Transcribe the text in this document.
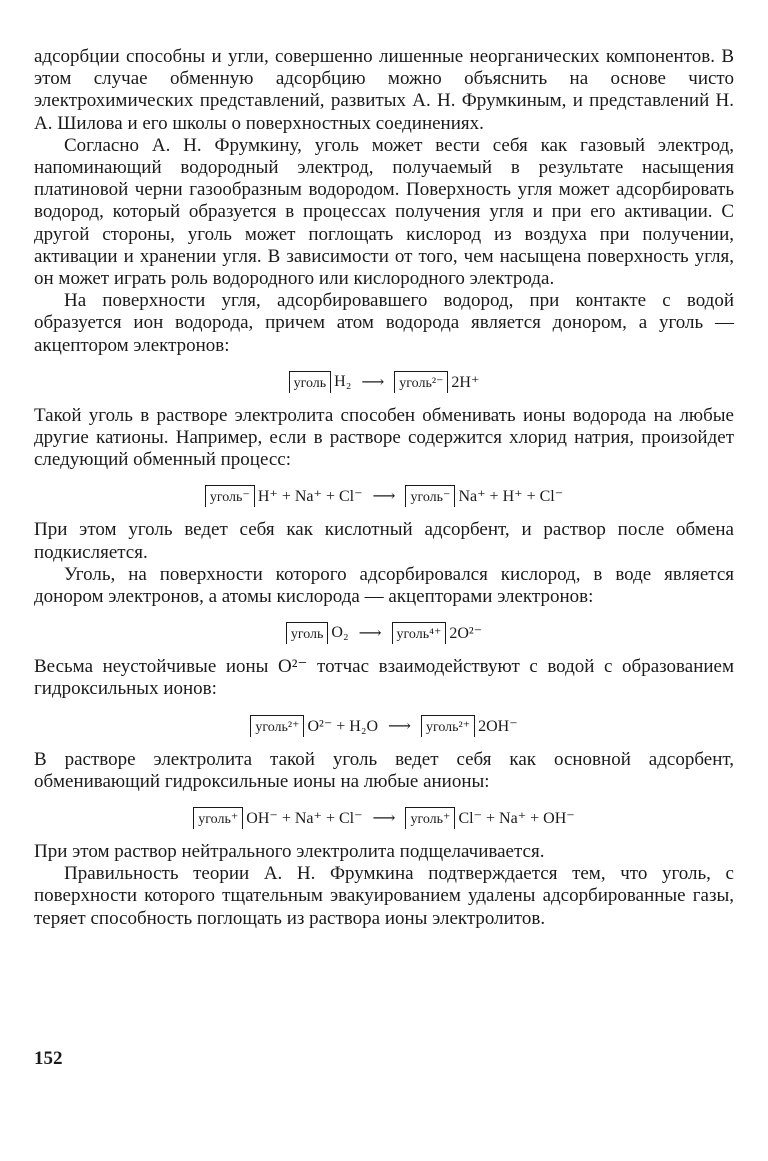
адсорбции способны и угли, совершенно лишенные неорганических компонентов. В этом случае обменную адсорбцию можно объяснить на основе чисто электрохимических представлений, развитых А. Н. Фрумкиным, и представлений Н. А. Шилова и его школы о поверхностных соединениях.

Согласно А. Н. Фрумкину, уголь может вести себя как газовый электрод, напоминающий водородный электрод, получаемый в результате насыщения платиновой черни газообразным водородом. Поверхность угля может адсорбировать водород, который образуется в процессах получения угля и при его активации. С другой стороны, уголь может поглощать кислород из воздуха при получении, активации и хранении угля. В зависимости от того, чем насыщена поверхность угля, он может играть роль водородного или кислородного электрода.

На поверхности угля, адсорбировавшего водород, при контакте с водой образуется ион водорода, причем атом водорода является донором, а уголь — акцептором электронов:

уголь H₂ ⟶	уголь²⁻ 2H⁺

Такой уголь в растворе электролита способен обменивать ионы водорода на любые другие катионы. Например, если в растворе содержится хлорид натрия, произойдет следующий обменный процесс:

уголь⁻ H⁺ + Na⁺ + Cl⁻ ⟶	уголь⁻ Na⁺ + H⁺ + Cl⁻

При этом уголь ведет себя как кислотный адсорбент, и раствор после обмена подкисляется.

Уголь, на поверхности которого адсорбировался кислород, в воде является донором электронов, а атомы кислорода — акцепторами электронов:

уголь O₂ ⟶	уголь⁴⁺ 2O²⁻

Весьма неустойчивые ионы O²⁻ тотчас взаимодействуют с водой с образованием гидроксильных ионов:

уголь²⁺ O²⁻ + H₂O ⟶	уголь²⁺ 2OH⁻

В растворе электролита такой уголь ведет себя как основной адсорбент, обменивающий гидроксильные ионы на любые анионы:

уголь⁺ OH⁻ + Na⁺ + Cl⁻ ⟶	уголь⁺ Cl⁻ + Na⁺ + OH⁻

При этом раствор нейтрального электролита подщелачивается.

Правильность теории А. Н. Фрумкина подтверждается тем, что уголь, с поверхности которого тщательным эвакуированием удалены адсорбированные газы, теряет способность поглощать из раствора ионы электролитов.

152
